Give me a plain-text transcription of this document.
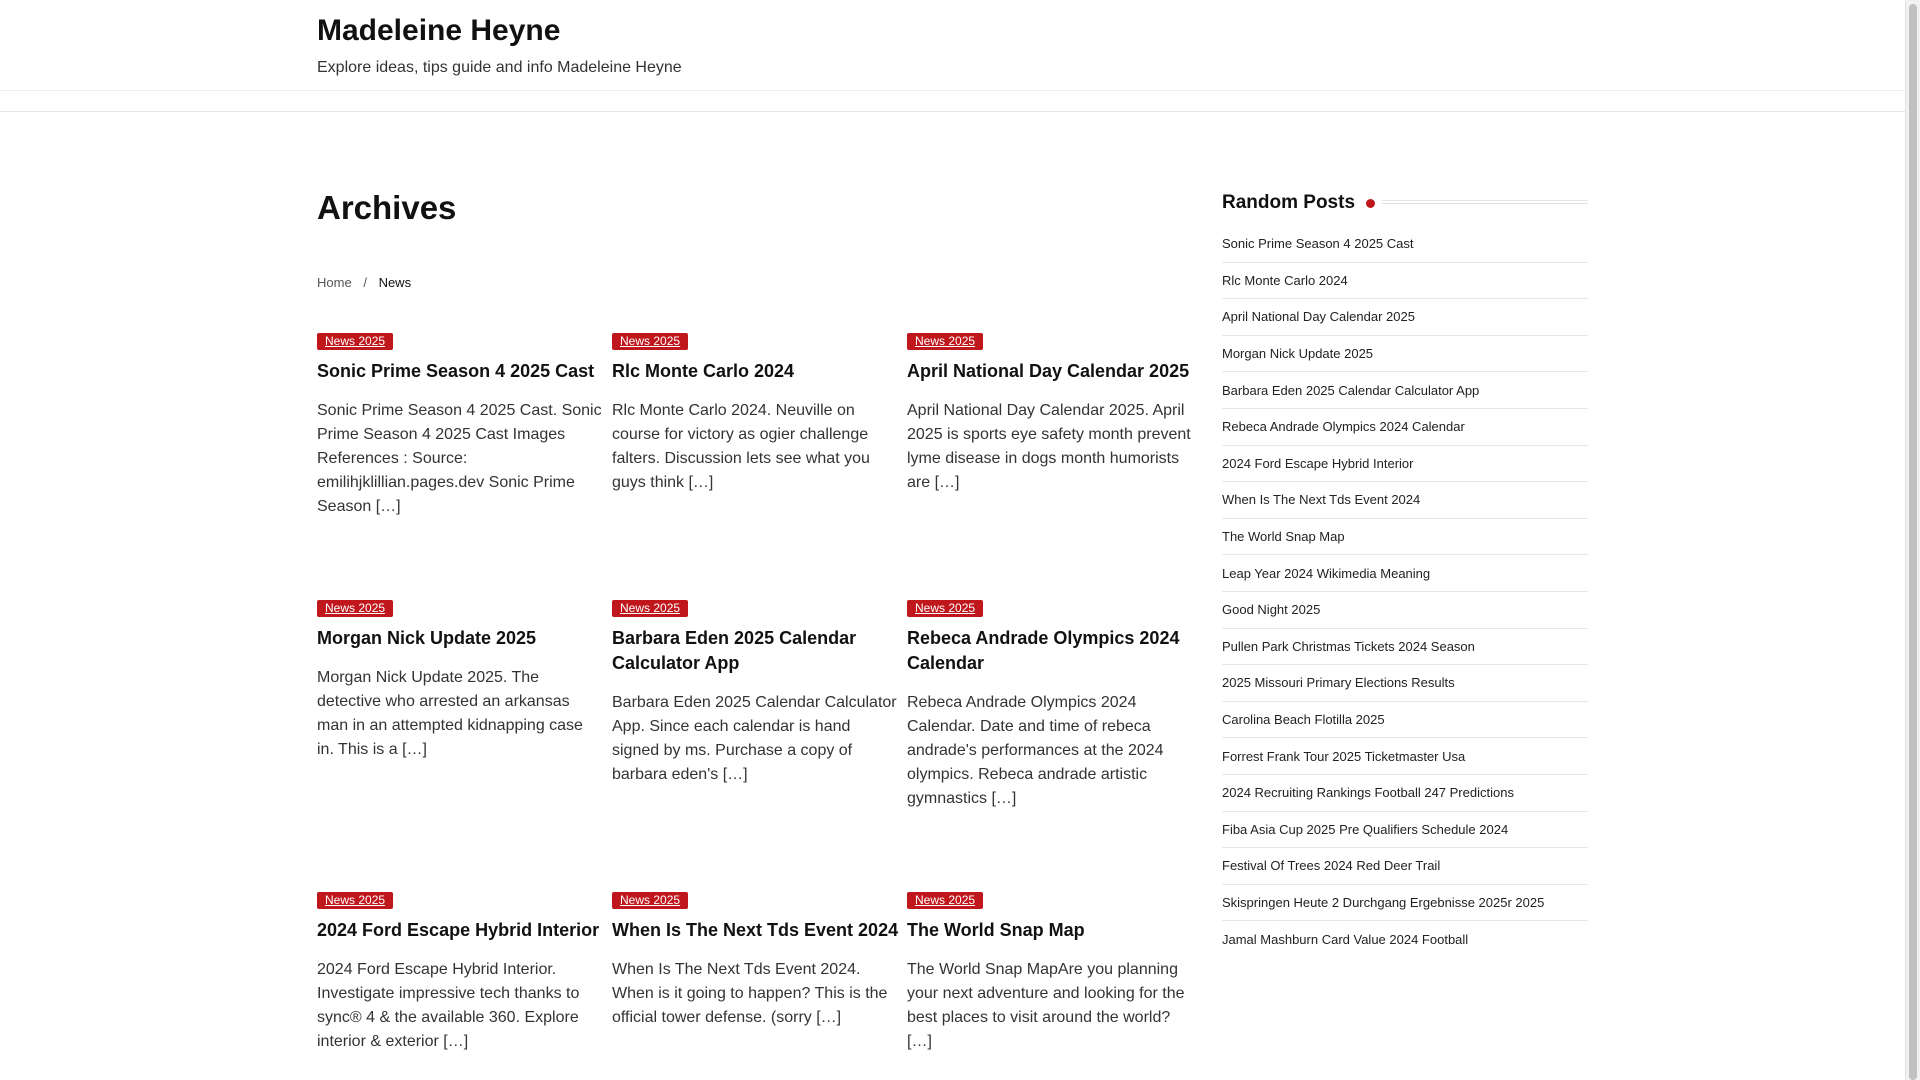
Madeleine Heyne

Explore ideas, tips guide and info Madeleine Heyne

Archives
Home / News
News 2025
Sonic Prime Season 4 2025 Cast

Sonic Prime Season 4 2025 Cast. Sonic Prime Season 4 2025 Cast Images References : Source: emilihjklillian.pages.dev Sonic Prime Season […]

News 2025
Rlc Monte Carlo 2024

Rlc Monte Carlo 2024. Neuville on course for victory as ogier challenge falters. Discussion lets see what you guys think […]

News 2025
April National Day Calendar 2025

April National Day Calendar 2025. April 2025 is sports eye safety month prevent lyme disease in dogs month humorists are […]

News 2025
Morgan Nick Update 2025

Morgan Nick Update 2025. The detective who arrested an arkansas man in an attempted kidnapping case in. This is a […]

News 2025
Barbara Eden 2025 Calendar Calculator App

Barbara Eden 2025 Calendar Calculator App. Since each calendar is hand signed by ms. Purchase a copy of barbara eden's […]

News 2025
Rebeca Andrade Olympics 2024 Calendar

Rebeca Andrade Olympics 2024 Calendar. Date and time of rebeca andrade's performances at the 2024 olympics. Rebeca andrade artistic gymnastics […]

News 2025
2024 Ford Escape Hybrid Interior

2024 Ford Escape Hybrid Interior. Investigate impressive tech thanks to sync® 4 & the available 360. Explore interior & exterior […]

News 2025
When Is The Next Tds Event 2024

When Is The Next Tds Event 2024. When is it going to happen? This is the official tower defense. (sorry […]

News 2025
The World Snap Map

The World Snap MapAre you planning your next adventure and looking for the best places to visit around the world? […]

Random Posts
Sonic Prime Season 4 2025 Cast
Rlc Monte Carlo 2024
April National Day Calendar 2025
Morgan Nick Update 2025
Barbara Eden 2025 Calendar Calculator App
Rebeca Andrade Olympics 2024 Calendar
2024 Ford Escape Hybrid Interior
When Is The Next Tds Event 2024
The World Snap Map
Leap Year 2024 Wikimedia Meaning
Good Night 2025
Pullen Park Christmas Tickets 2024 Season
2025 Missouri Primary Elections Results
Carolina Beach Flotilla 2025
Forrest Frank Tour 2025 Ticketmaster Usa
2024 Recruiting Rankings Football 247 Predictions
Fiba Asia Cup 2025 Pre Qualifiers Schedule 2024
Festival Of Trees 2024 Red Deer Trail
Skispringen Heute 2 Durchgang Ergebnisse 2025r 2025
Jamal Mashburn Card Value 2024 Football
